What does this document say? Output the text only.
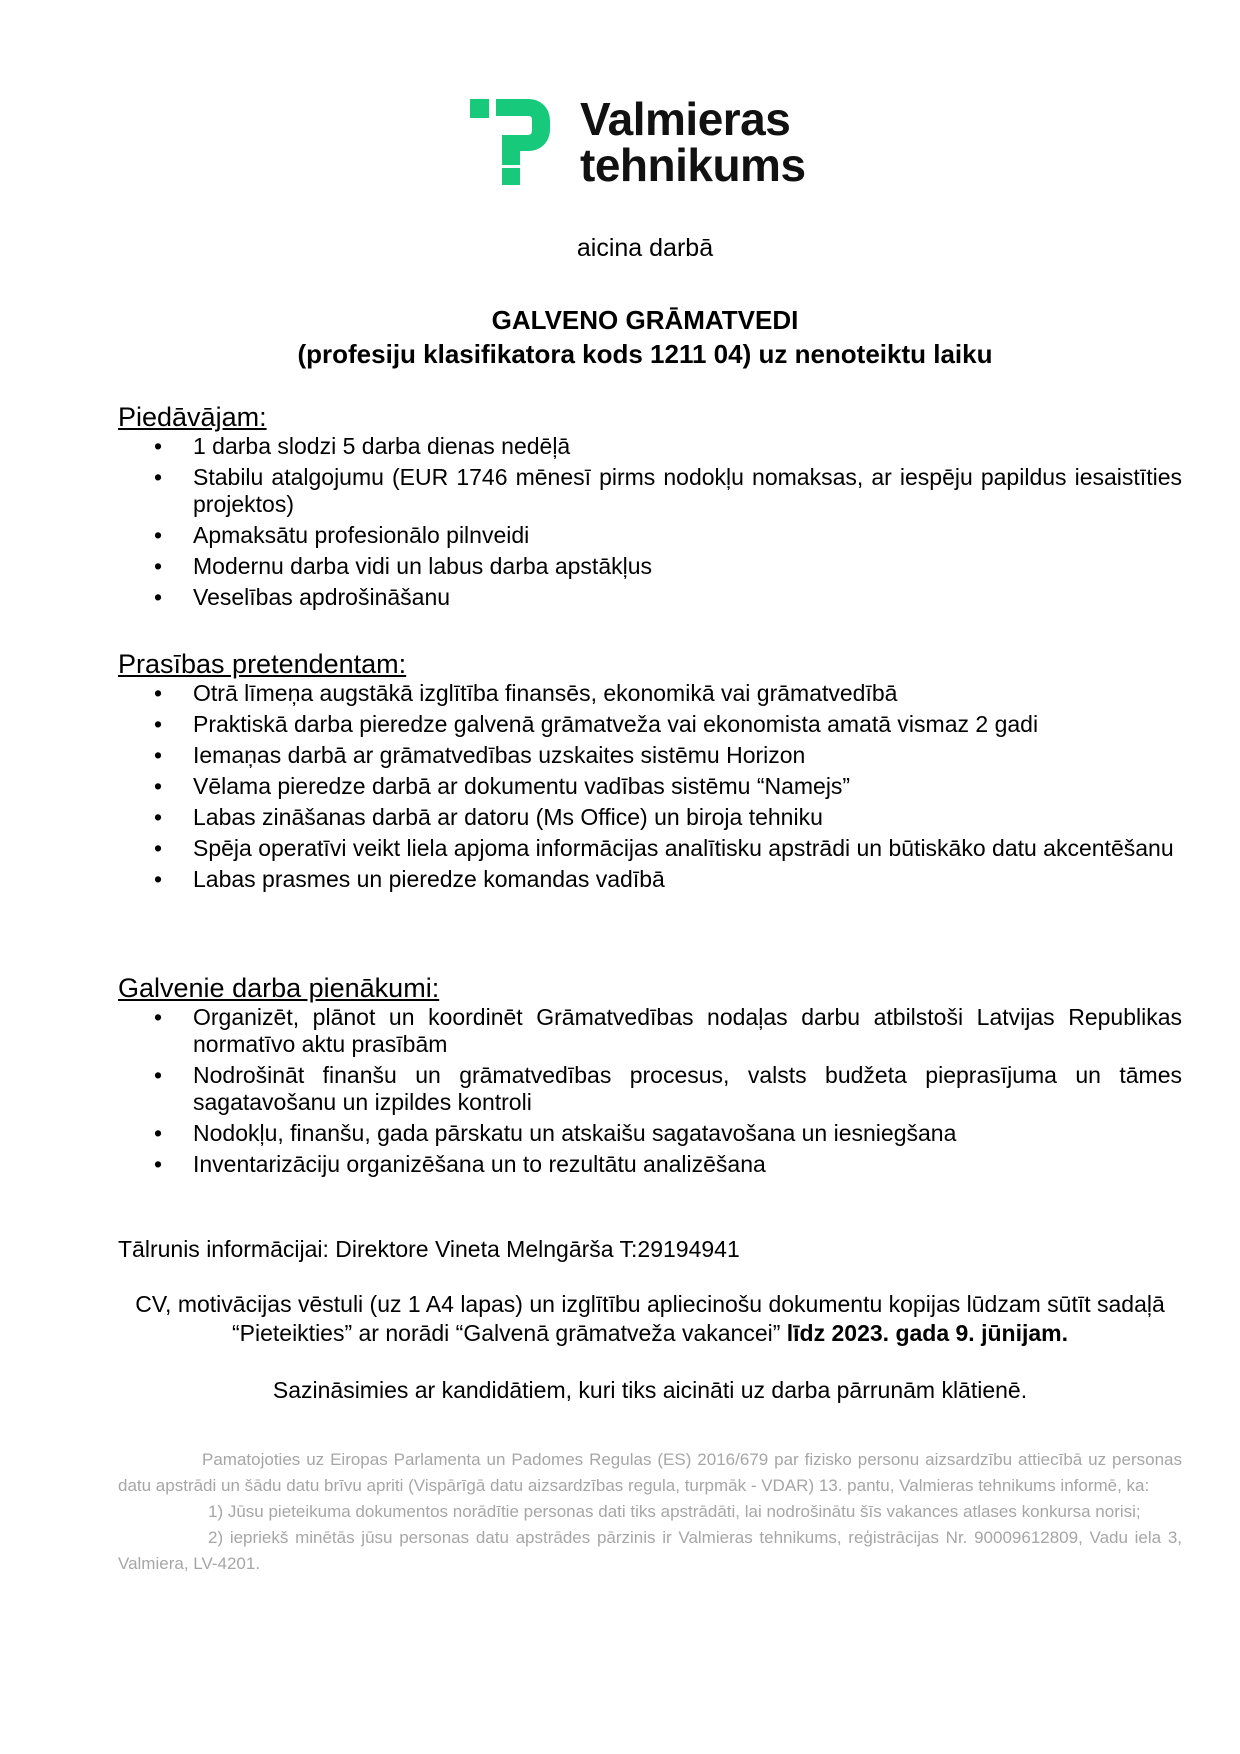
Valmieras
tehnikums
aicina darbā
GALVENO GRĀMATVEDI
(profesiju klasifikatora kods 1211 04) uz nenoteiktu laiku
Piedāvājam:
• 1 darba slodzi 5 darba dienas nedēļā
• Stabilu atalgojumu (EUR 1746 mēnesī pirms nodokļu nomaksas, ar iespēju papildus iesaistīties projektos)
• Apmaksātu profesionālo pilnveidi
• Modernu darba vidi un labus darba apstākļus
• Veselības apdrošināšanu
Prasības pretendentam:
• Otrā līmeņa augstākā izglītība finansēs, ekonomikā vai grāmatvedībā
• Praktiskā darba pieredze galvenā grāmatveža vai ekonomista amatā vismaz 2 gadi
• Iemaņas darbā ar grāmatvedības uzskaites sistēmu Horizon
• Vēlama pieredze darbā ar dokumentu vadības sistēmu “Namejs”
• Labas zināšanas darbā ar datoru (Ms Office) un biroja tehniku
• Spēja operatīvi veikt liela apjoma informācijas analītisku apstrādi un būtiskāko datu akcentēšanu
• Labas prasmes un pieredze komandas vadībā
Galvenie darba pienākumi:
• Organizēt, plānot un koordinēt Grāmatvedības nodaļas darbu atbilstoši Latvijas Republikas normatīvo aktu prasībām
• Nodrošināt finanšu un grāmatvedības procesus, valsts budžeta pieprasījuma un tāmes sagatavošanu un izpildes kontroli
• Nodokļu, finanšu, gada pārskatu un atskaišu sagatavošana un iesniegšana
• Inventarizāciju organizēšana un to rezultātu analizēšana
Tālrunis informācijai: Direktore Vineta Melngārša T:29194941
CV, motivācijas vēstuli (uz 1 A4 lapas) un izglītību apliecinošu dokumentu kopijas lūdzam sūtīt sadaļā “Pieteikties” ar norādi “Galvenā grāmatveža vakancei” līdz 2023. gada 9. jūnijam.
Sazināsimies ar kandidātiem, kuri tiks aicināti uz darba pārrunām klātienē.

Pamatojoties uz Eiropas Parlamenta un Padomes Regulas (ES) 2016/679 par fizisko personu aizsardzību attiecībā uz personas datu apstrādi un šādu datu brīvu apriti (Vispārīgā datu aizsardzības regula, turpmāk - VDAR) 13. pantu, Valmieras tehnikums informē, ka:

1) Jūsu pieteikuma dokumentos norādītie personas dati tiks apstrādāti, lai nodrošinātu šīs vakances atlases konkursa norisi;

2) iepriekš minētās jūsu personas datu apstrādes pārzinis ir Valmieras tehnikums, reģistrācijas Nr. 90009612809, Vadu iela 3, Valmiera, LV-4201.
